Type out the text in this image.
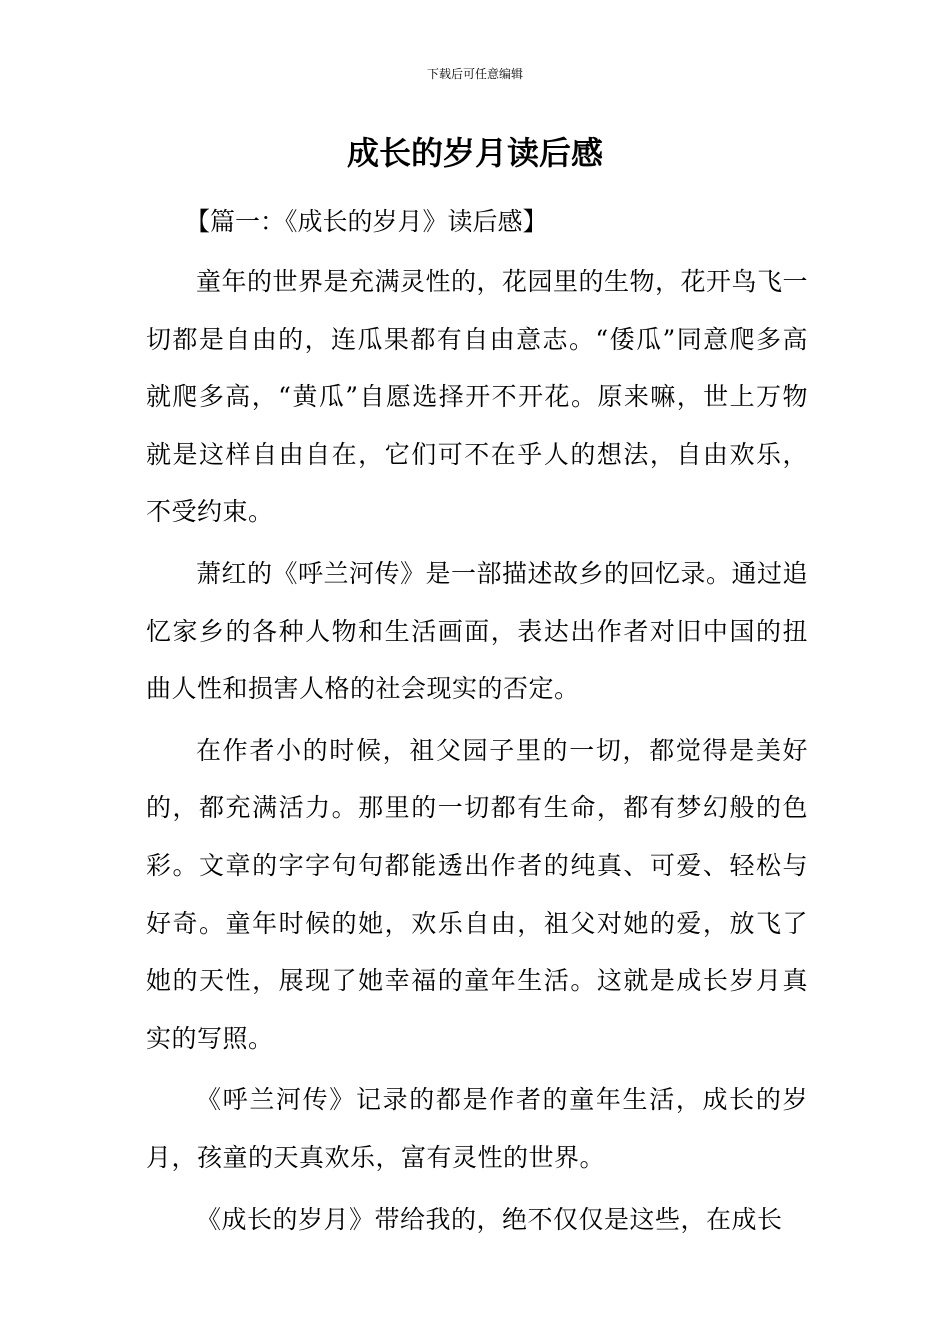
下载后可任意编辑
成长的岁月读后感
【篇一：《成长的岁月》读后感】

童年的世界是充满灵性的，花园里的生物，花开鸟飞一切都是自由的，连瓜果都有自由意志。“倭瓜”同意爬多高就爬多高，“黄瓜”自愿选择开不开花。原来嘛，世上万物就是这样自由自在，它们可不在乎人的想法，自由欢乐，不受约束。

萧红的《呼兰河传》是一部描述故乡的回忆录。通过追忆家乡的各种人物和生活画面，表达出作者对旧中国的扭曲人性和损害人格的社会现实的否定。

在作者小的时候，祖父园子里的一切，都觉得是美好的，都充满活力。那里的一切都有生命，都有梦幻般的色彩。文章的字字句句都能透出作者的纯真、可爱、轻松与好奇。童年时候的她，欢乐自由，祖父对她的爱，放飞了她的天性，展现了她幸福的童年生活。这就是成长岁月真实的写照。

《呼兰河传》记录的都是作者的童年生活，成长的岁月，孩童的天真欢乐，富有灵性的世界。

《成长的岁月》带给我的，绝不仅仅是这些，在成长
